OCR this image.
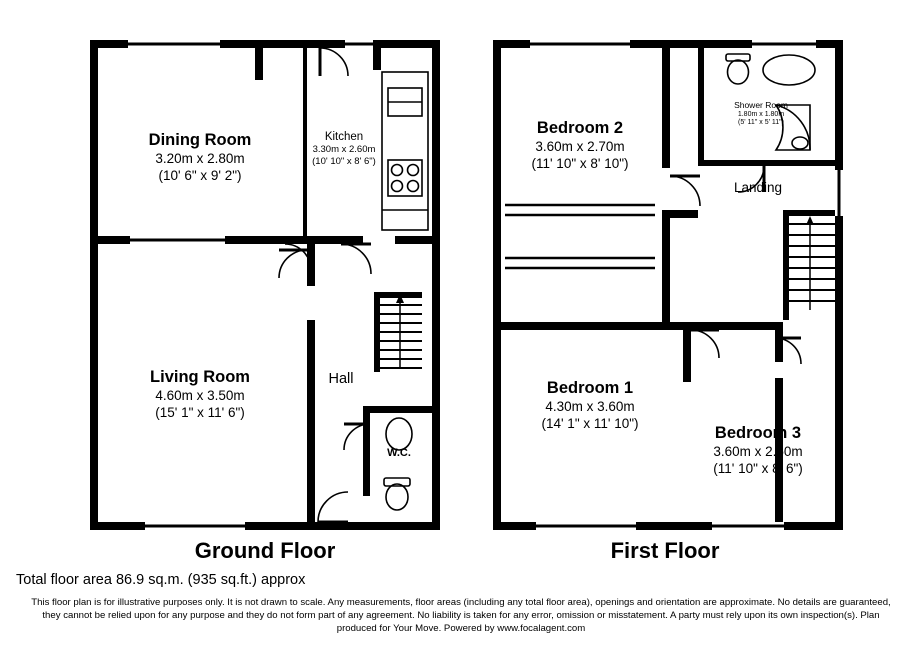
Dining Room
3.20m x 2.80m
(10' 6" x 9' 2")
Kitchen
3.30m x 2.60m
(10' 10" x 8' 6")
Living Room
4.60m x 3.50m
(15' 1" x 11' 6")
Hall
W.C.
Bedroom 2
3.60m x 2.70m
(11' 10" x 8' 10")
Shower Room
1.80m x 1.80m
(5' 11" x 5' 11")
Landing
Bedroom 1
4.30m x 3.60m
(14' 1" x 11' 10")
Bedroom 3
3.60m x 2.60m
(11' 10" x 8' 6")
Ground Floor	First Floor
Total floor area 86.9 sq.m. (935 sq.ft.) approx
This floor plan is for illustrative purposes only. It is not drawn to scale. Any measurements, floor areas (including any total floor area), openings and orientation are approximate. No details are guaranteed,
they cannot be relied upon for any purpose and they do not form part of any agreement. No liability is taken for any error, omission or misstatement. A party must rely upon its own inspection(s). Plan
produced for Your Move. Powered by www.focalagent.com
